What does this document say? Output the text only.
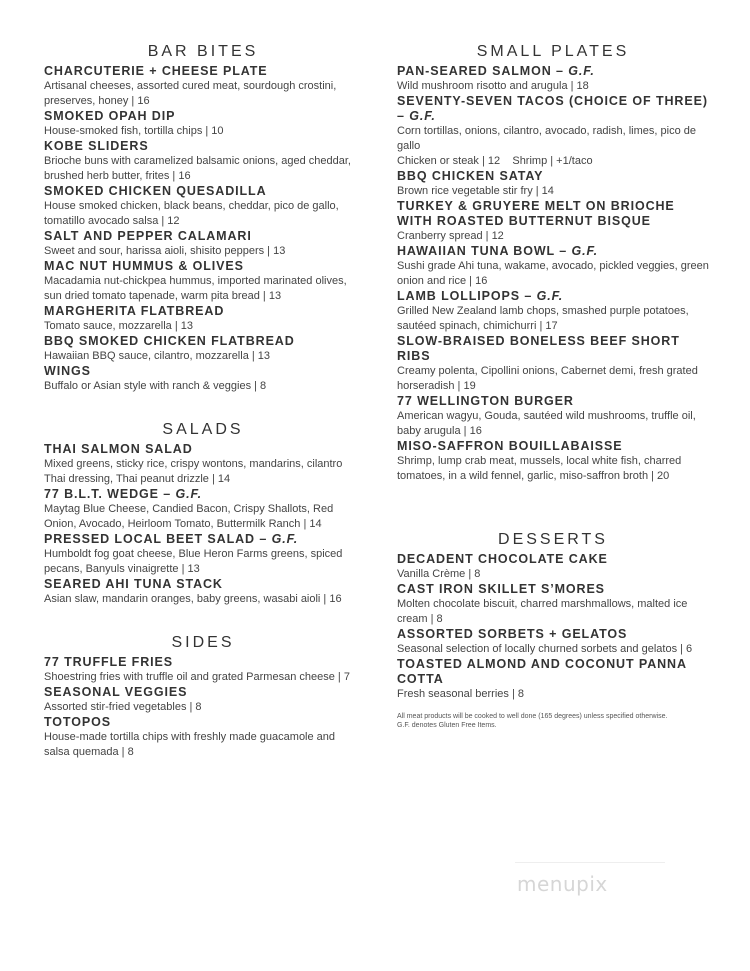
BAR BITES
CHARCUTERIE + CHEESE PLATE
Artisanal cheeses, assorted cured meat, sourdough crostini, preserves, honey | 16
SMOKED OPAH DIP
House-smoked fish, tortilla chips | 10
KOBE SLIDERS
Brioche buns with caramelized balsamic onions, aged cheddar, brushed herb butter, frites | 16
SMOKED CHICKEN QUESADILLA
House smoked chicken, black beans, cheddar, pico de gallo, tomatillo avocado salsa | 12
SALT AND PEPPER CALAMARI
Sweet and sour, harissa aioli, shisito peppers | 13
MAC NUT HUMMUS & OLIVES
Macadamia nut-chickpea hummus, imported marinated olives, sun dried tomato tapenade, warm pita bread | 13
MARGHERITA FLATBREAD
Tomato sauce, mozzarella | 13
BBQ SMOKED CHICKEN FLATBREAD
Hawaiian BBQ sauce, cilantro, mozzarella | 13
WINGS
Buffalo or Asian style with ranch & veggies | 8
SALADS
THAI SALMON SALAD
Mixed greens, sticky rice, crispy wontons, mandarins, cilantro Thai dressing, Thai peanut drizzle | 14
77 B.L.T. WEDGE – G.F.
Maytag Blue Cheese, Candied Bacon, Crispy Shallots, Red Onion, Avocado, Heirloom Tomato, Buttermilk Ranch | 14
PRESSED LOCAL BEET SALAD – G.F.
Humboldt fog goat cheese, Blue Heron Farms greens, spiced pecans, Banyuls vinaigrette | 13
SEARED AHI TUNA STACK
Asian slaw, mandarin oranges, baby greens, wasabi aioli | 16
SIDES
77 TRUFFLE FRIES
Shoestring fries with truffle oil and grated Parmesan cheese | 7
SEASONAL VEGGIES
Assorted stir-fried vegetables | 8
TOTOPOS
House-made tortilla chips with freshly made guacamole and salsa quemada | 8
SMALL PLATES
PAN-SEARED SALMON – G.F.
Wild mushroom risotto and arugula | 18
SEVENTY-SEVEN TACOS (CHOICE OF THREE) – G.F.
Corn tortillas, onions, cilantro, avocado, radish, limes, pico de gallo
Chicken or steak | 12    Shrimp | +1/taco
BBQ CHICKEN SATAY
Brown rice vegetable stir fry | 14
TURKEY & GRUYERE MELT ON BRIOCHE WITH ROASTED BUTTERNUT BISQUE
Cranberry spread | 12
HAWAIIAN TUNA BOWL – G.F.
Sushi grade Ahi tuna, wakame, avocado, pickled veggies, green onion and rice | 16
LAMB LOLLIPOPS – G.F.
Grilled New Zealand lamb chops, smashed purple potatoes, sautéed spinach, chimichurri | 17
SLOW-BRAISED BONELESS BEEF SHORT RIBS
Creamy polenta, Cipollini onions, Cabernet demi, fresh grated horseradish | 19
77 WELLINGTON BURGER
American wagyu, Gouda, sautéed wild mushrooms, truffle oil, baby arugula | 16
MISO-SAFFRON BOUILLABAISSE
Shrimp, lump crab meat, mussels, local white fish, charred tomatoes, in a wild fennel, garlic, miso-saffron broth | 20
DESSERTS
DECADENT CHOCOLATE CAKE
Vanilla Crème | 8
CAST IRON SKILLET S’MORES
Molten chocolate biscuit, charred marshmallows, malted ice cream | 8
ASSORTED SORBETS + GELATOS
Seasonal selection of locally churned sorbets and gelatos | 6
TOASTED ALMOND AND COCONUT PANNA COTTA
Fresh seasonal berries | 8
All meat products will be cooked to well done (165 degrees) unless specified otherwise.
G.F. denotes Gluten Free Items.
menupix
